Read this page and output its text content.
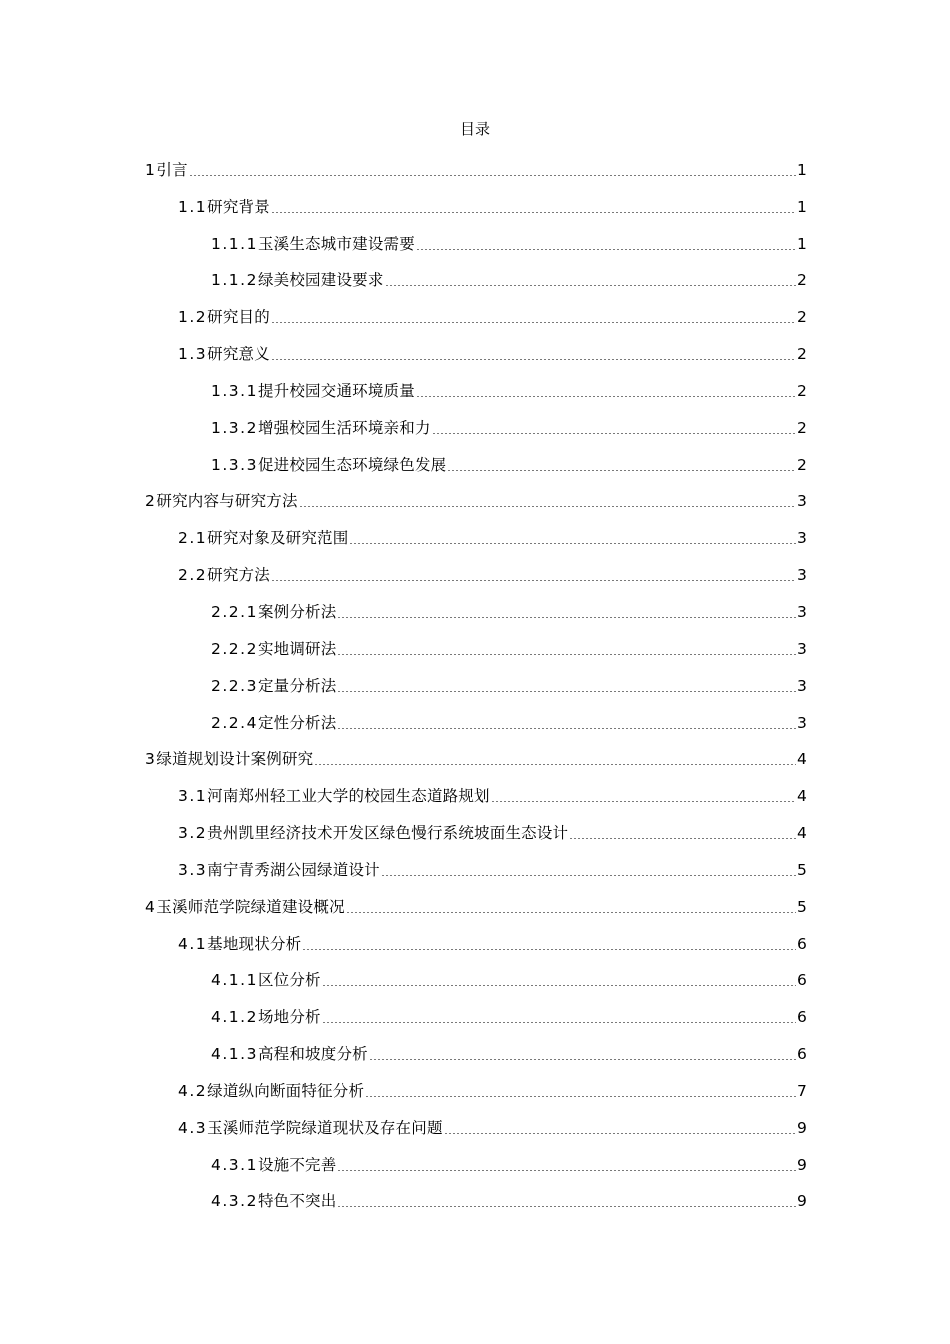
目录
1 引言	1
1.1 研究背景	1
1.1.1 玉溪生态城市建设需要	1
1.1.2 绿美校园建设要求	2
1.2 研究目的	2
1.3 研究意义	2
1.3.1 提升校园交通环境质量	2
1.3.2 增强校园生活环境亲和力	2
1.3.3 促进校园生态环境绿色发展	2
2 研究内容与研究方法	3
2.1 研究对象及研究范围	3
2.2 研究方法	3
2.2.1 案例分析法	3
2.2.2 实地调研法	3
2.2.3 定量分析法	3
2.2.4 定性分析法	3
3 绿道规划设计案例研究	4
3.1 河南郑州轻工业大学的校园生态道路规划	4
3.2 贵州凯里经济技术开发区绿色慢行系统坡面生态设计	4
3.3 南宁青秀湖公园绿道设计	5
4 玉溪师范学院绿道建设概况	5
4.1 基地现状分析	6
4.1.1 区位分析	6
4.1.2 场地分析	6
4.1.3 高程和坡度分析	6
4.2 绿道纵向断面特征分析	7
4.3 玉溪师范学院绿道现状及存在问题	9
4.3.1 设施不完善	9
4.3.2 特色不突出	9
